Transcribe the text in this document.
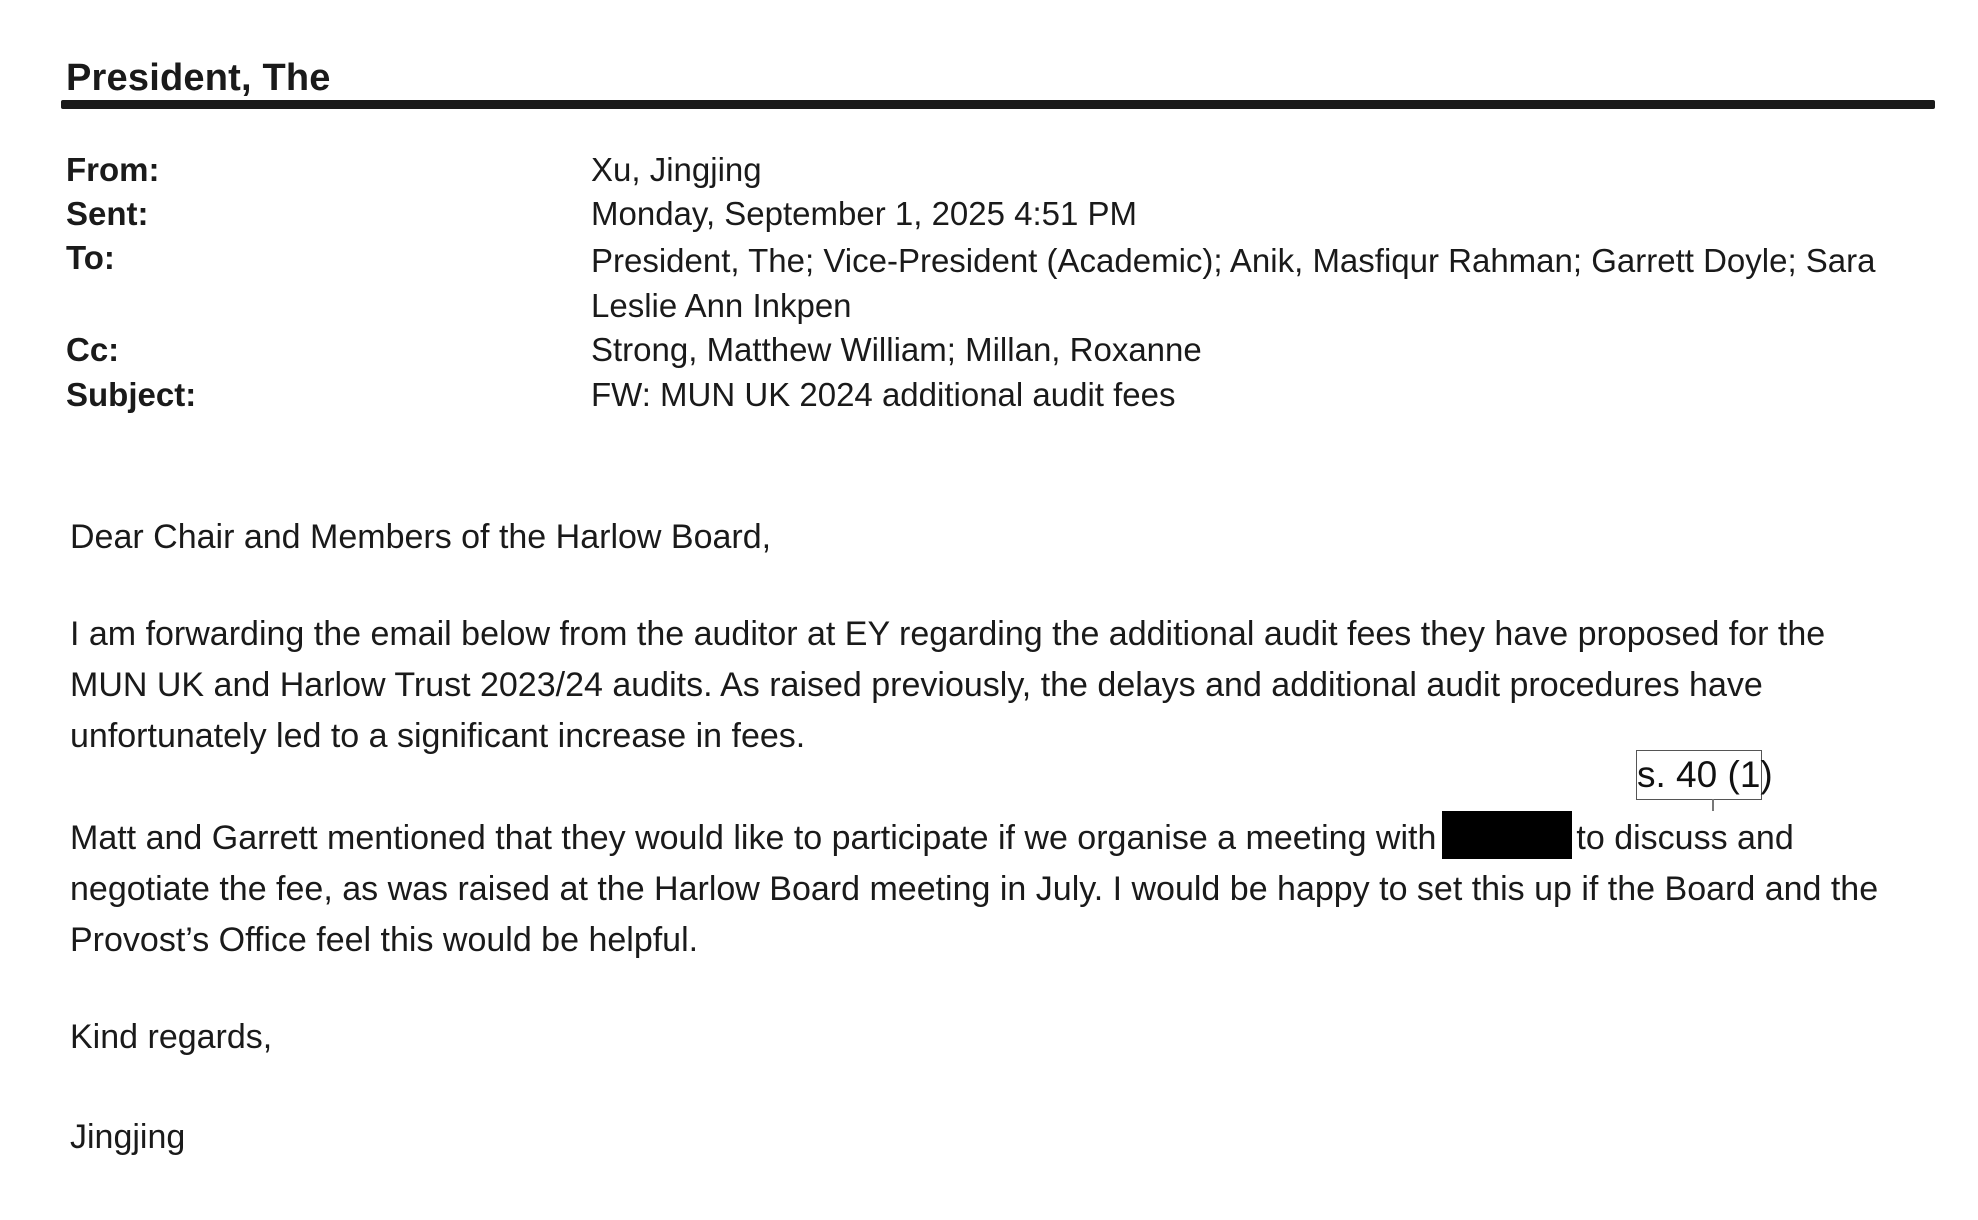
President, The
From:	Xu, Jingjing
Sent:	Monday, September 1, 2025 4:51 PM
To:	President, The; Vice-President (Academic); Anik, Masfiqur Rahman; Garrett Doyle; Sara Leslie Ann Inkpen
Cc:	Strong, Matthew William; Millan, Roxanne
Subject:	FW: MUN UK 2024 additional audit fees
Dear Chair and Members of the Harlow Board,
I am forwarding the email below from the auditor at EY regarding the additional audit fees they have proposed for the MUN UK and Harlow Trust 2023/24 audits. As raised previously, the delays and additional audit procedures have unfortunately led to a significant increase in fees.
Matt and Garrett mentioned that they would like to participate if we organise a meeting with	to discuss and negotiate the fee, as was raised at the Harlow Board meeting in July. I would be happy to set this up if the Board and the Provost’s Office feel this would be helpful.
s. 40 (1)
Kind regards,
Jingjing
